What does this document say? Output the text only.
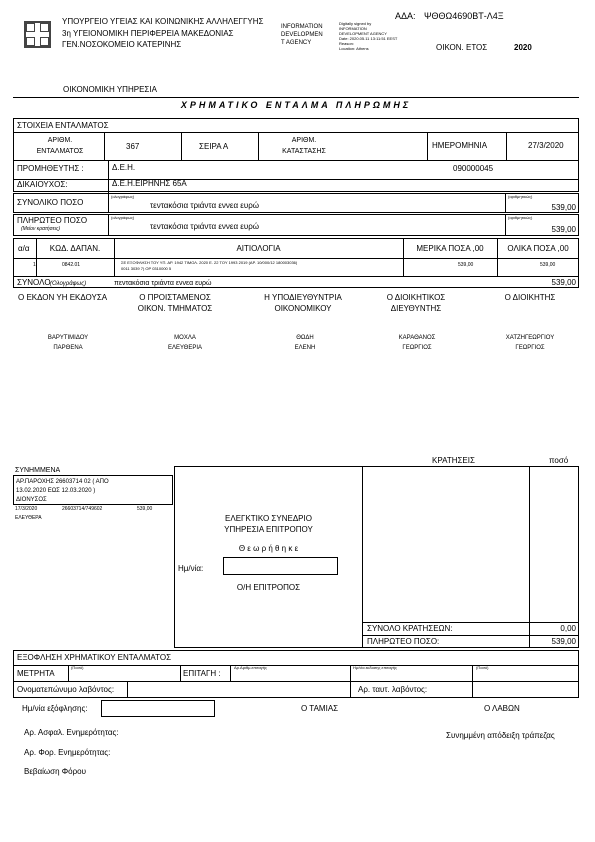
ΥΠΟΥΡΓΕΙΟ ΥΓΕΙΑΣ ΚΑΙ ΚΟΙΝΩΝΙΚΗΣ ΑΛΛΗΛΕΓΓΥΗΣ
3η ΥΓΕΙΟΝΟΜΙΚΗ ΠΕΡΙΦΕΡΕΙΑ ΜΑΚΕΔΟΝΙΑΣ
ΓΕΝ.ΝΟΣΟΚΟΜΕΙΟ ΚΑΤΕΡΙΝΗΣ
INFORMATION
DEVELOPMEN
T AGENCY
Digitally signed by
INFORMATION
DEVELOPMENT AGENCY
Date: 2020.05.11 13:11:51 EEST
Reason:
Location: Athens
ΑΔΑ: ΨΘΘΩ4690ΒΤ-Λ4Ξ
ΟΙΚΟΝ. ΕΤΟΣ	2020
ΟΙΚΟΝΟΜΙΚΗ ΥΠΗΡΕΣΙΑ
ΧΡΗΜΑΤΙΚΟ ΕΝΤΑΛΜΑ ΠΛΗΡΩΜΗΣ
ΣΤΟΙΧΕΙΑ ΕΝΤΑΛΜΑΤΟΣ
ΑΡΙΘΜ.
ΕΝΤΑΛΜΑΤΟΣ
367	ΣΕΙΡΑ Α
ΑΡΙΘΜ.
ΚΑΤΑΣΤΑΣΗΣ
ΗΜΕΡΟΜΗΝΙΑ	27/3/2020
ΠΡΟΜΗΘΕΥΤΗΣ :	Δ.Ε.Η.	090000045
ΔΙΚΑΙΟΥΧΟΣ:	Δ.Ε.Η.ΕΙΡΗΝΗΣ 65Α
ΣΥΝΟΛΙΚΟ ΠΟΣΟ
(ολογράφως)
τεντακόσια τριάντα εννεα ευρώ
(αριθμητικώς)
539,00
ΠΛΗΡΩΤΕΟ ΠΟΣΟ
(Μείον κρατήσεις)
(ολογράφως)
τεντακόσια τριάντα εννεα ευρώ
(αριθμητικώς)
539,00
α/α	ΚΩΔ. ΔΑΠΑΝ.	ΑΙΤΙΟΛΟΓΙΑ	ΜΕΡΙΚΑ ΠΟΣΑ ,00	ΟΛΙΚΑ ΠΟΣΑ ,00
1	0842.01	ΣΕ ΕΞΟΦΛΗΣΗ ΤΟΥ ΥΠ. ΑΡ. 1942 ΤΙΜΟΛ. 2020 Ε. 22 ΤΟΥ 1993 2019 (ΑΡ. 10/000/12 180003036)
0011 3039 7) ΟΡ 0310000 5
539,00	539,00
ΣΥΝΟΛΟ (Ολογράφως)	πεντακόσια τριάντα εννεα ευρώ	539,00
Ο ΕΚΔΟΝ ΥΗ ΕΚΔΟΥΣΑ
ΒΑΡΥΤΙΜΙΔΟΥ
ΠΑΡΘΕΝΑ
Ο ΠΡΟΙΣΤΑΜΕΝΟΣ
ΟΙΚΟΝ. ΤΜΗΜΑΤΟΣ
ΜΟΧΛΑ
ΕΛΕΥΘΕΡΙΑ
Η ΥΠΟΔΙΕΥΘΥΝΤΡΙΑ
ΟΙΚΟΝΟΜΙΚΟΥ
ΘΩΔΗ
ΕΛΕΝΗ
Ο ΔΙΟΙΚΗΤΙΚΟΣ
ΔΙΕΥΘΥΝΤΗΣ
ΚΑΡΑΘΑΝΟΣ
ΓΕΩΡΓΙΟΣ
Ο ΔΙΟΙΚΗΤΗΣ
ΧΑΤΖΗΓΕΩΡΓΙΟΥ
ΓΕΩΡΓΙΟΣ
ΣΥΝΗΜΜΕΝΑ
ΑΡ.ΠΑΡΟΧΗΣ 26603714 02 ( ΑΠΟ
13.02.2020 ΕΩΣ 12.03.2020 )
ΔΙΟΝΥΣΟΣ
17/3/2020	26603714/749602	539,00
ΕΛΕΥΘΕΡΑ	ΕΛΕΓΚΤΙΚΟ ΣΥΝΕΔΡΙΟ
ΥΠΗΡΕΣΙΑ ΕΠΙΤΡΟΠΟΥ
Θ ε ω ρ ή θ η κ ε
Ημ/νία:
Ο/Η ΕΠΙΤΡΟΠΟΣ
ΚΡΑΤΗΣΕΙΣ	ποσό
ΣΥΝΟΛΟ ΚΡΑΤΗΣΕΩΝ:	0,00
ΠΛΗΡΩΤΕΟ ΠΟΣΟ:	539,00
ΕΞΟΦΛΗΣΗ ΧΡΗΜΑΤΙΚΟΥ ΕΝΤΑΛΜΑΤΟΣ
ΜΕΤΡΗΤΑ
(Ποσό)
ΕΠΙΤΑΓΗ :
Αρ.Αριθμ.επιταγής	Ημ/νία εκδοσης επιταγής	(Ποσό)
Ονοματεπώνυμο λαβόντος:	Αρ. ταυτ. λαβόντος:
Ημ/νία εξόφλησης:	Ο ΤΑΜΙΑΣ	Ο ΛΑΒΩΝ
Αρ. Ασφαλ. Ενημερότητας:	Συνημμένη απόδειξη τράπεζας
Αρ. Φορ. Ενημερότητας:
Βεβαίωση Φόρου
